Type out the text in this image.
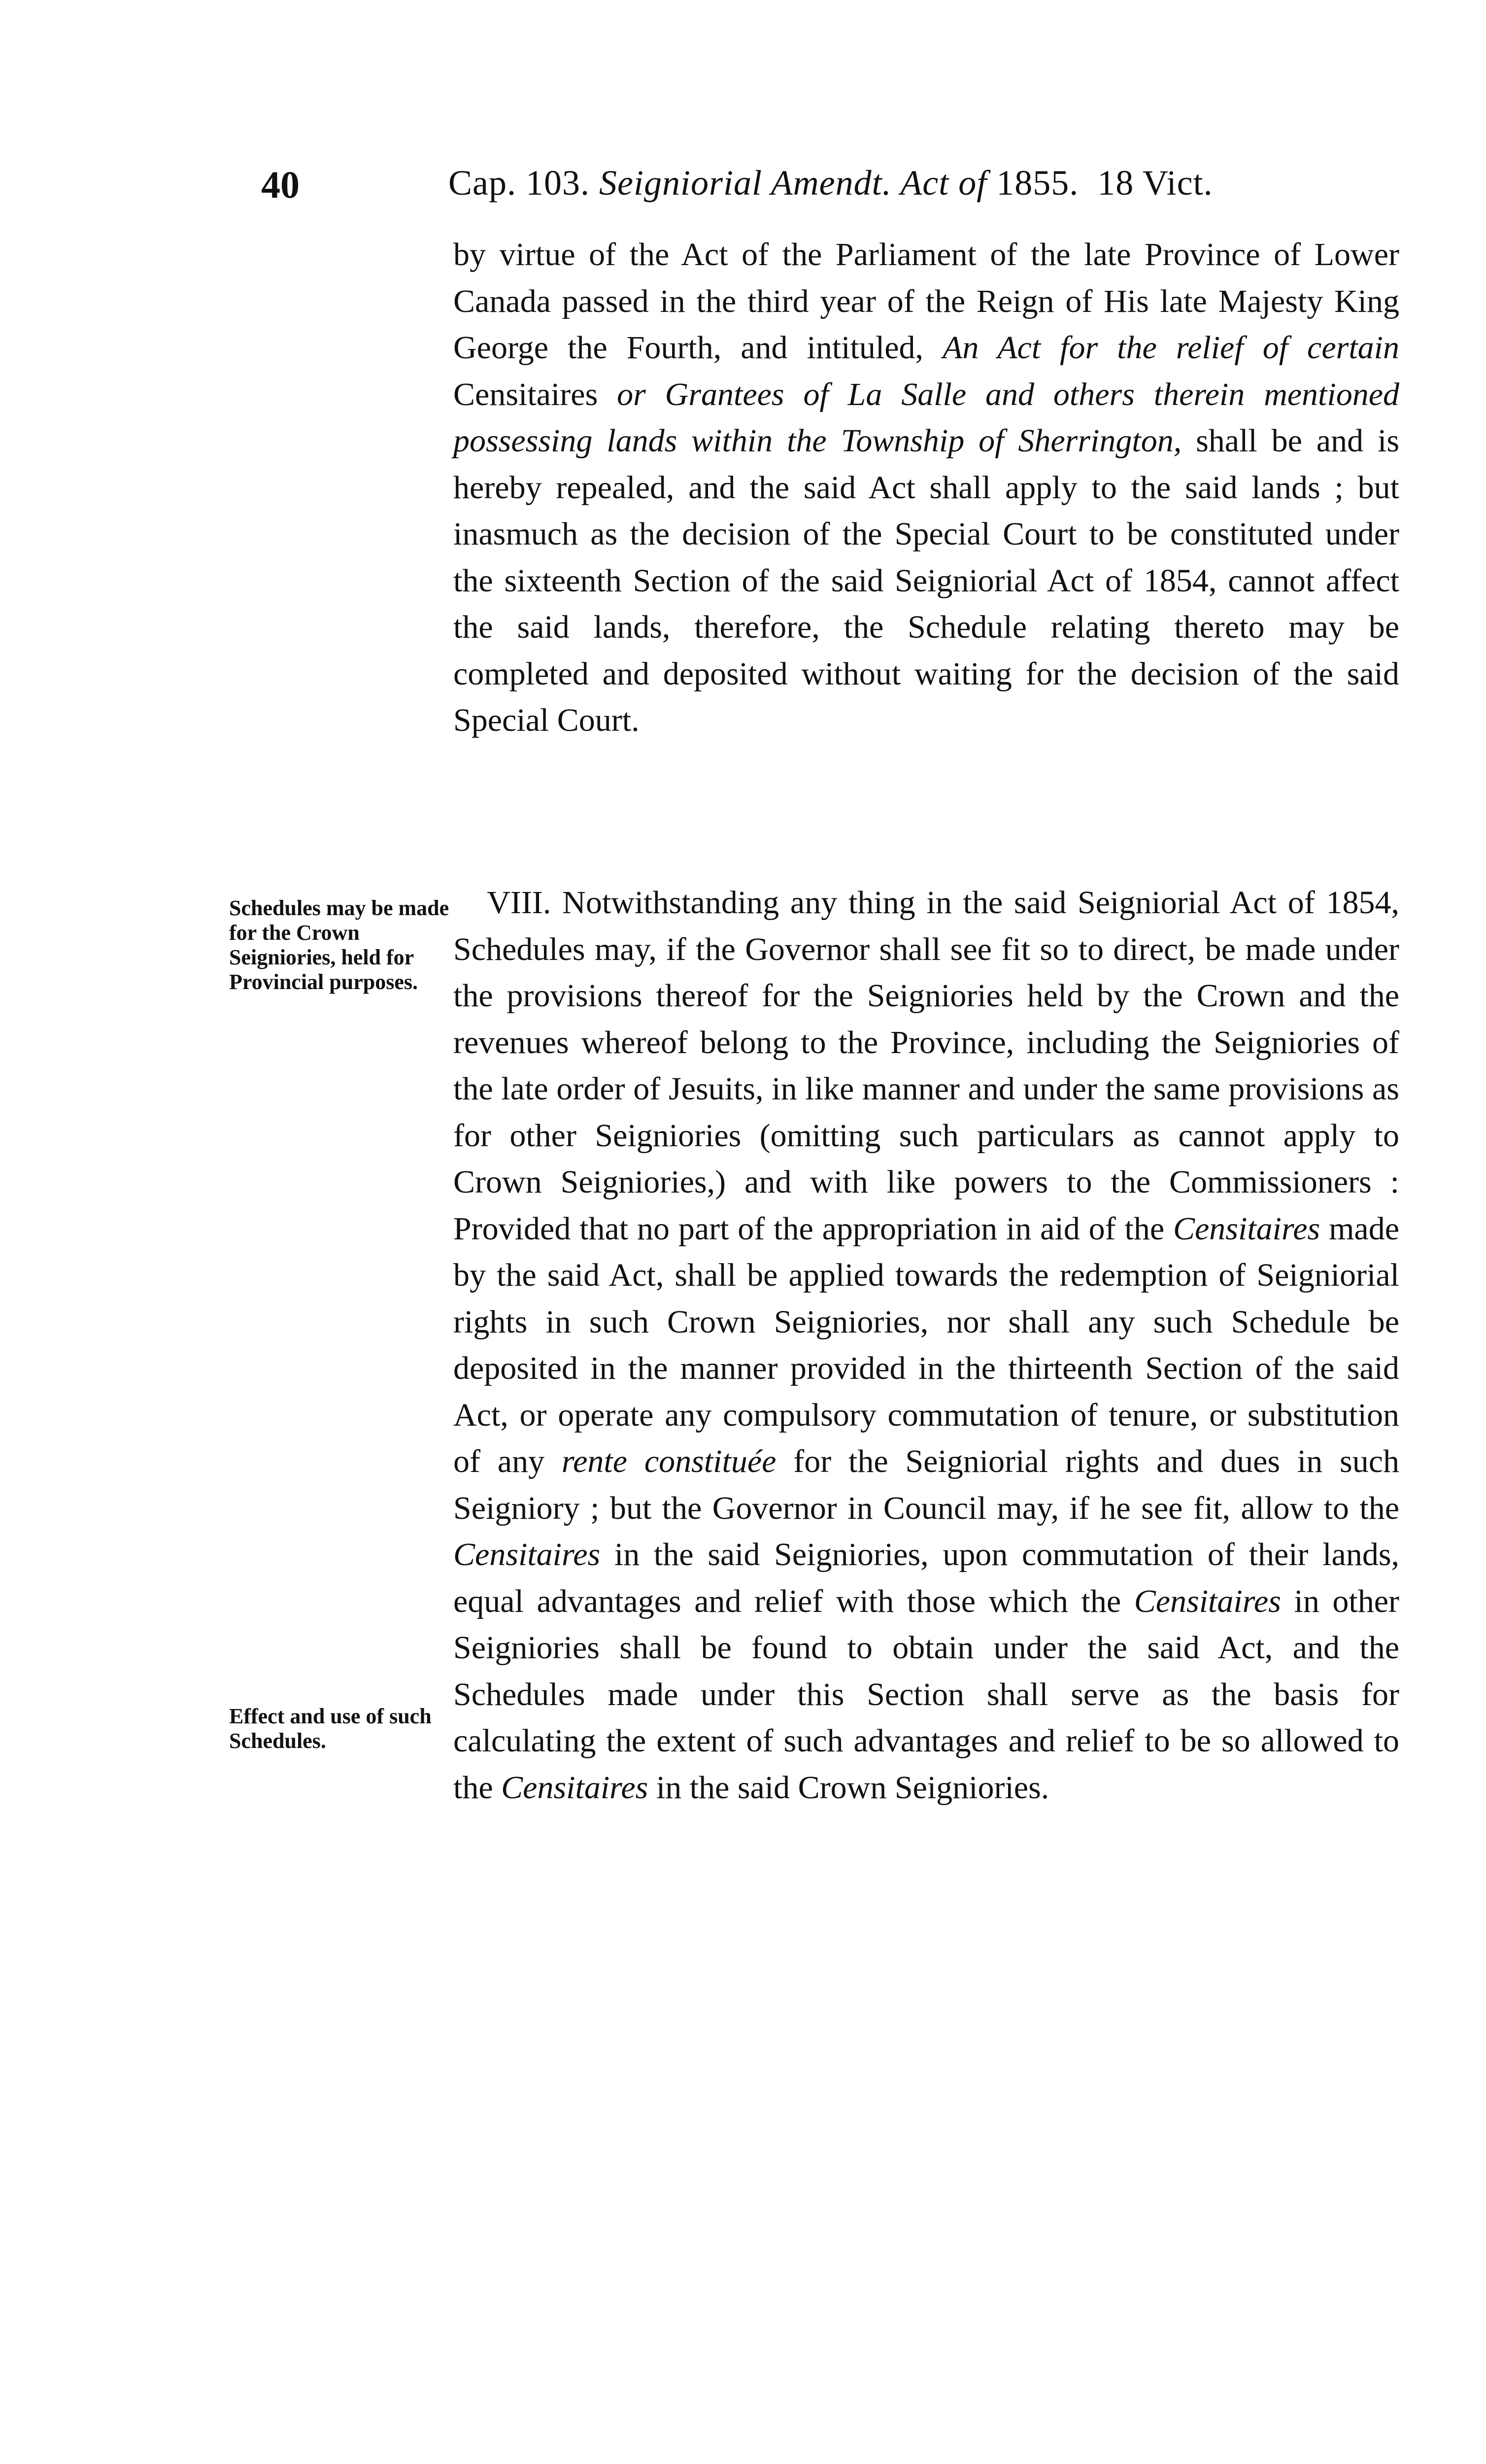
40	Cap. 103. Seigniorial Amendt. Act of 1855. 18 Vict.
by virtue of the Act of the Parliament of the late Province of Lower Canada passed in the third year of the Reign of His late Majesty King George the Fourth, and intituled, An Act for the relief of certain Censitaires or Grantees of La Salle and others therein mentioned possessing lands within the Township of Sherrington, shall be and is hereby repealed, and the said Act shall apply to the said lands ; but inasmuch as the decision of the Special Court to be constituted under the sixteenth Section of the said Seigniorial Act of 1854, cannot affect the said lands, therefore, the Schedule relating thereto may be completed and deposited without waiting for the decision of the said Special Court.
Schedules may be made for the Crown Seigniories, held for Provincial purposes.
VIII. Notwithstanding any thing in the said Seigniorial Act of 1854, Schedules may, if the Governor shall see fit so to direct, be made under the provisions thereof for the Seigniories held by the Crown and the revenues whereof belong to the Province, including the Seigniories of the late order of Jesuits, in like manner and under the same provisions as for other Seigniories (omitting such particulars as cannot apply to Crown Seigniories,) and with like powers to the Commissioners : Provided that no part of the appropriation in aid of the Censitaires made by the said Act, shall be applied towards the redemption of Seigniorial rights in such Crown Seigniories, nor shall any such Schedule be deposited in the manner provided in the thirteenth Section of the said Act, or operate any compulsory commutation of tenure, or substitution of any rente constituée for the Seigniorial rights and dues in such Seigniory ; but the Governor in Council may, if he see fit, allow to the Censitaires in the said Seigniories, upon commutation of their lands, equal advantages and relief with those which the Censitaires in other Seigniories shall be found to obtain under the said Act, and the Schedules made under this Section shall serve as the basis for calculating the extent of such advantages and relief to be so allowed to the Censitaires in the said Crown Seigniories.
Effect and use of such Schedules.
